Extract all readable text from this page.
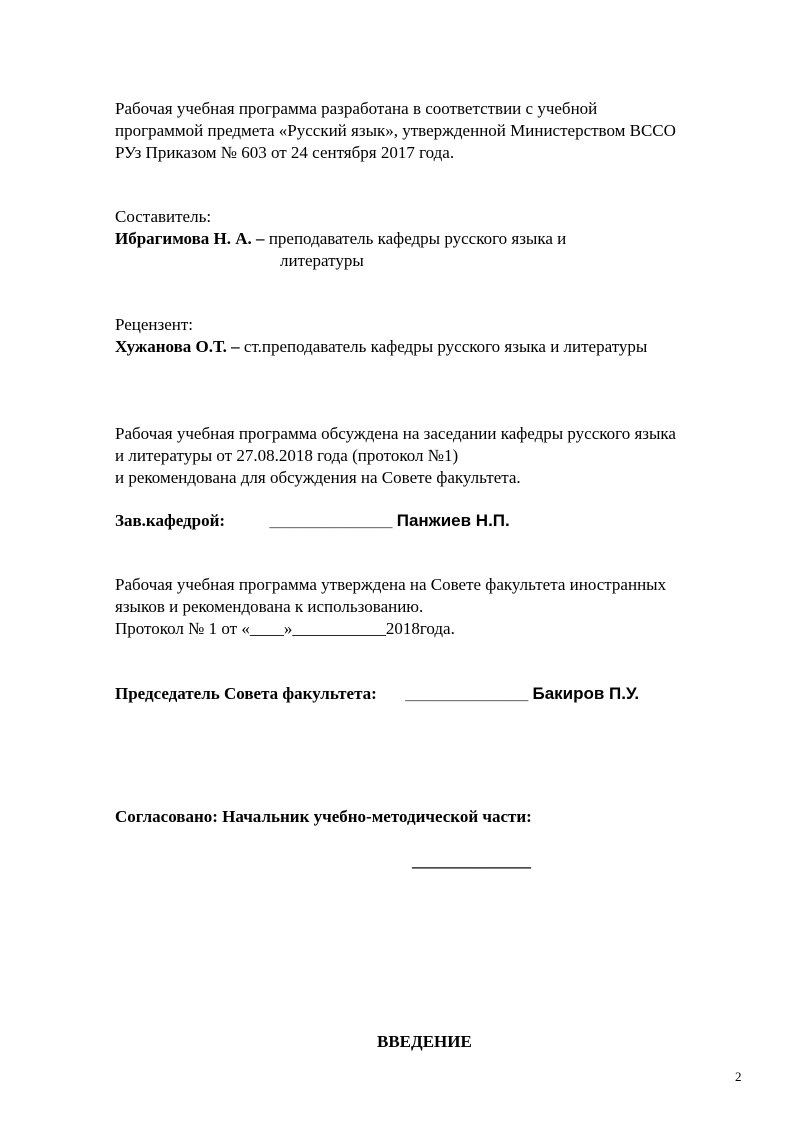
Рабочая учебная программа разработана в соответствии с учебной
программой предмета «Русский язык», утвержденной Министерством ВССО
РУз Приказом № 603 от 24 сентября 2017 года.
Составитель:
Ибрагимова Н. А. – преподаватель кафедры русского языка и
литературы
Рецензент:
Хужанова О.Т. – ст.преподаватель кафедры русского языка и литературы
Рабочая учебная программа обсуждена на заседании кафедры русского языка
и литературы от 27.08.2018 года (протокол №1)
и рекомендована для обсуждения на Совете факультета.
Зав.кафедрой:	_____________ Панжиев Н.П.
Рабочая учебная программа утверждена на Совете факультета иностранных
языков и рекомендована к использованию.
Протокол № 1 от «____»___________2018года.
Председатель Совета факультета: _____________ Бакиров П.У.
Согласовано: Начальник учебно-методической части:
______________
ВВЕДЕНИЕ
2
